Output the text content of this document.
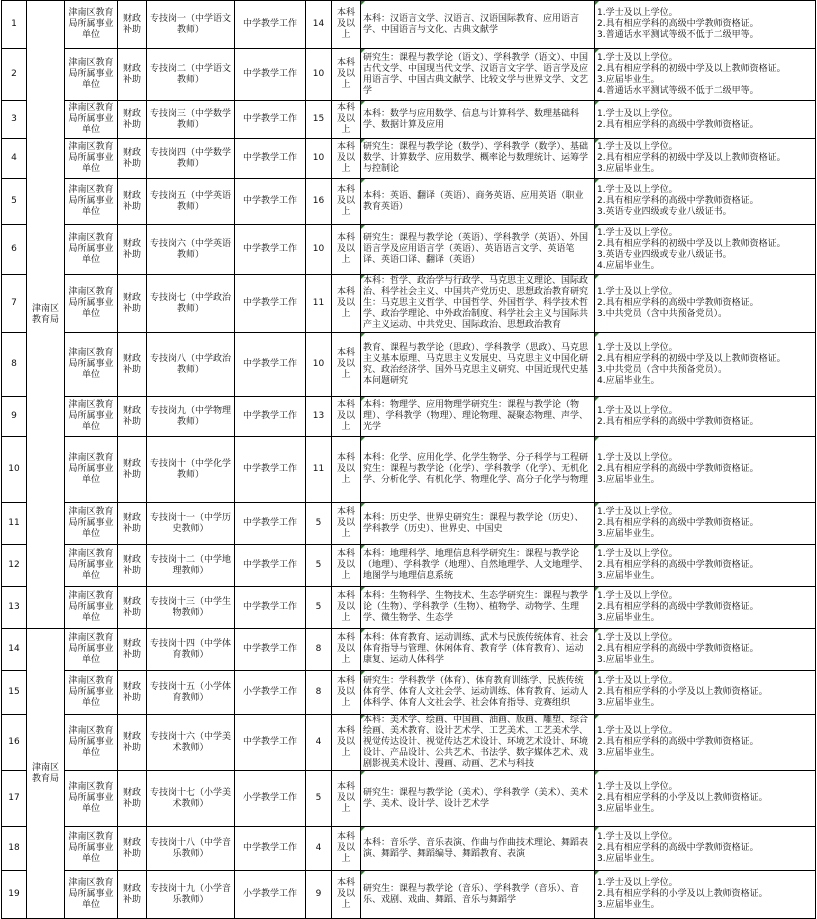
1	津南区教育局	津南区教育局所属事业单位	财政补助	专技岗一（中学语文教师）	中学教学工作	14	本科及以上	本科：汉语言文学、汉语言、汉语国际教育、应用语言学、中国语言与文化、古典文献学	1.学士及以上学位。
2.具有相应学科的高级中学教师资格证。
3.普通话水平测试等级不低于二级甲等。
2		津南区教育局所属事业单位	财政补助	专技岗二（中学语文教师）	中学教学工作	10	本科及以上	研究生：课程与教学论（语文）、学科教学（语文）、中国古代文学、中国现当代文学、汉语言文字学、语言学及应用语言学、中国古典文献学、比较文学与世界文学、文艺学	1.学士及以上学位。
2.具有相应学科的初级中学及以上教师资格证。
3.应届毕业生。
4.普通话水平测试等级不低于二级甲等。
3		津南区教育局所属事业单位	财政补助	专技岗三（中学数学教师）	中学教学工作	15	本科及以上	本科：数学与应用数学、信息与计算科学、数理基础科学、数据计算及应用	1.学士及以上学位。
2.具有相应学科的高级中学教师资格证。
4		津南区教育局所属事业单位	财政补助	专技岗四（中学数学教师）	中学教学工作	10	本科及以上	研究生：课程与教学论（数学）、学科教学（数学）、基础数学、计算数学、应用数学、概率论与数理统计、运筹学与控制论	1.学士及以上学位。
2.具有相应学科的初级中学及以上教师资格证。
3.应届毕业生。
5		津南区教育局所属事业单位	财政补助	专技岗五（中学英语教师）	中学教学工作	16	本科及以上	本科：英语、翻译（英语）、商务英语、应用英语（职业教育英语）	1.学士及以上学位。
2.具有相应学科的高级中学教师资格证。
3.英语专业四级或专业八级证书。
6		津南区教育局所属事业单位	财政补助	专技岗六（中学英语教师）	中学教学工作	10	本科及以上	研究生：课程与教学论（英语）、学科教学（英语）、外国语言学及应用语言学（英语）、英语语言文学、英语笔译、英语口译、翻译（英语）	1.学士及以上学位。
2.具有相应学科的初级中学及以上教师资格证。
3.英语专业四级或专业八级证书。
4.应届毕业生。
7		津南区教育局所属事业单位	财政补助	专技岗七（中学政治教师）	中学教学工作	11	本科及以上	本科：哲学、政治学与行政学、马克思主义理论、国际政治、科学社会主义、中国共产党历史、思想政治教育研究生：马克思主义哲学、中国哲学、外国哲学、科学技术哲学、政治学理论、中外政治制度、科学社会主义与国际共产主义运动、中共党史、国际政治、思想政治教育	1.学士及以上学位。
2.具有相应学科的高级中学教师资格证。
3.中共党员（含中共预备党员）。
8		津南区教育局所属事业单位	财政补助	专技岗八（中学政治教师）	中学教学工作	10	本科及以上	教育、课程与教学论（思政）、学科教学（思政）、马克思主义基本原理、马克思主义发展史、马克思主义中国化研究、政治经济学、国外马克思主义研究、中国近现代史基本问题研究	1.学士及以上学位。
2.具有相应学科的初级中学及以上教师资格证。
3.中共党员（含中共预备党员）。
4.应届毕业生。
9		津南区教育局所属事业单位	财政补助	专技岗九（中学物理教师）	中学教学工作	13	本科及以上	本科：物理学、应用物理学研究生：课程与教学论（物理）、学科教学（物理）、理论物理、凝聚态物理、声学、光学	1.学士及以上学位。
2.具有相应学科的高级中学教师资格证。
10		津南区教育局所属事业单位	财政补助	专技岗十（中学化学教师）	中学教学工作	11	本科及以上	本科：化学、应用化学、化学生物学、分子科学与工程研究生：课程与教学论（化学）、学科教学（化学）、无机化学、分析化学、有机化学、物理化学、高分子化学与物理	1.学士及以上学位。
2.具有相应学科的高级中学教师资格证。
3.应届毕业生。
11		津南区教育局所属事业单位	财政补助	专技岗十一（中学历史教师）	中学教学工作	5	本科及以上	本科：历史学、世界史研究生：课程与教学论（历史）、学科教学（历史）、世界史、中国史	1.学士及以上学位。
2.具有相应学科的高级中学教师资格证。
3.应届毕业生。
12		津南区教育局所属事业单位	财政补助	专技岗十二（中学地理教师）	中学教学工作	5	本科及以上	本科：地理科学、地理信息科学研究生：课程与教学论（地理）、学科教学（地理）、自然地理学、人文地理学、地图学与地理信息系统	1.学士及以上学位。
2.具有相应学科的高级中学教师资格证。
3.应届毕业生。
13		津南区教育局所属事业单位	财政补助	专技岗十三（中学生物教师）	中学教学工作	5	本科及以上	本科：生物科学、生物技术、生态学研究生：课程与教学论（生物）、学科教学（生物）、植物学、动物学、生理学、微生物学、生态学	1.学士及以上学位。
2.具有相应学科的高级中学教师资格证。
3.应届毕业生。
14	津南区教育局	津南区教育局所属事业单位	财政补助	专技岗十四（中学体育教师）	中学教学工作	8	本科及以上	本科：体育教育、运动训练、武术与民族传统体育、社会体育指导与管理、休闲体育、教育学（体育教育）、运动康复、运动人体科学	1.学士及以上学位。
2.具有相应学科的高级中学教师资格证。
3.应届毕业生。
15		津南区教育局所属事业单位	财政补助	专技岗十五（小学体育教师）	小学教学工作	8	本科及以上	研究生：学科教学（体育）、体育教育训练学、民族传统体育学、体育人文社会学、运动训练、体育教育、运动人体科学、体育人文社会学、社会体育指导、竞赛组织	1.学士及以上学位。
2.具有相应学科的小学及以上教师资格证。
3.应届毕业生。
16		津南区教育局所属事业单位	财政补助	专技岗十六（中学美术教师）	中学教学工作	4	本科及以上	本科：美术学、绘画、中国画、油画、版画、雕塑、综合绘画、美术教育、设计艺术学、工艺美术、工艺美术学、视觉传达设计、视觉传达艺术设计、环境艺术设计、环境设计、产品设计、公共艺术、书法学、数字媒体艺术、戏剧影视美术设计、漫画、动画、艺术与科技	1.学士及以上学位。
2.具有相应学科的高级中学教师资格证。
3.应届毕业生。
17		津南区教育局所属事业单位	财政补助	专技岗十七（小学美术教师）	小学教学工作	5	本科及以上	研究生：课程与教学论（美术）、学科教学（美术）、美术学、美术、设计学、设计艺术学	1.学士及以上学位。
2.具有相应学科的小学及以上教师资格证。
3.应届毕业生。
18		津南区教育局所属事业单位	财政补助	专技岗十八（中学音乐教师）	中学教学工作	4	本科及以上	本科：音乐学、音乐表演、作曲与作曲技术理论、舞蹈表演、舞蹈学、舞蹈编导、舞蹈教育、表演	1.学士及以上学位。
2.具有相应学科的高级中学教师资格证。
3.应届毕业生。
19		津南区教育局所属事业单位	财政补助	专技岗十九（小学音乐教师）	小学教学工作	9	本科及以上	研究生：课程与教学论（音乐）、学科教学（音乐）、音乐、戏剧、戏曲、舞蹈、音乐与舞蹈学	1.学士及以上学位。
2.具有相应学科的小学及以上教师资格证。
3.应届毕业生。
